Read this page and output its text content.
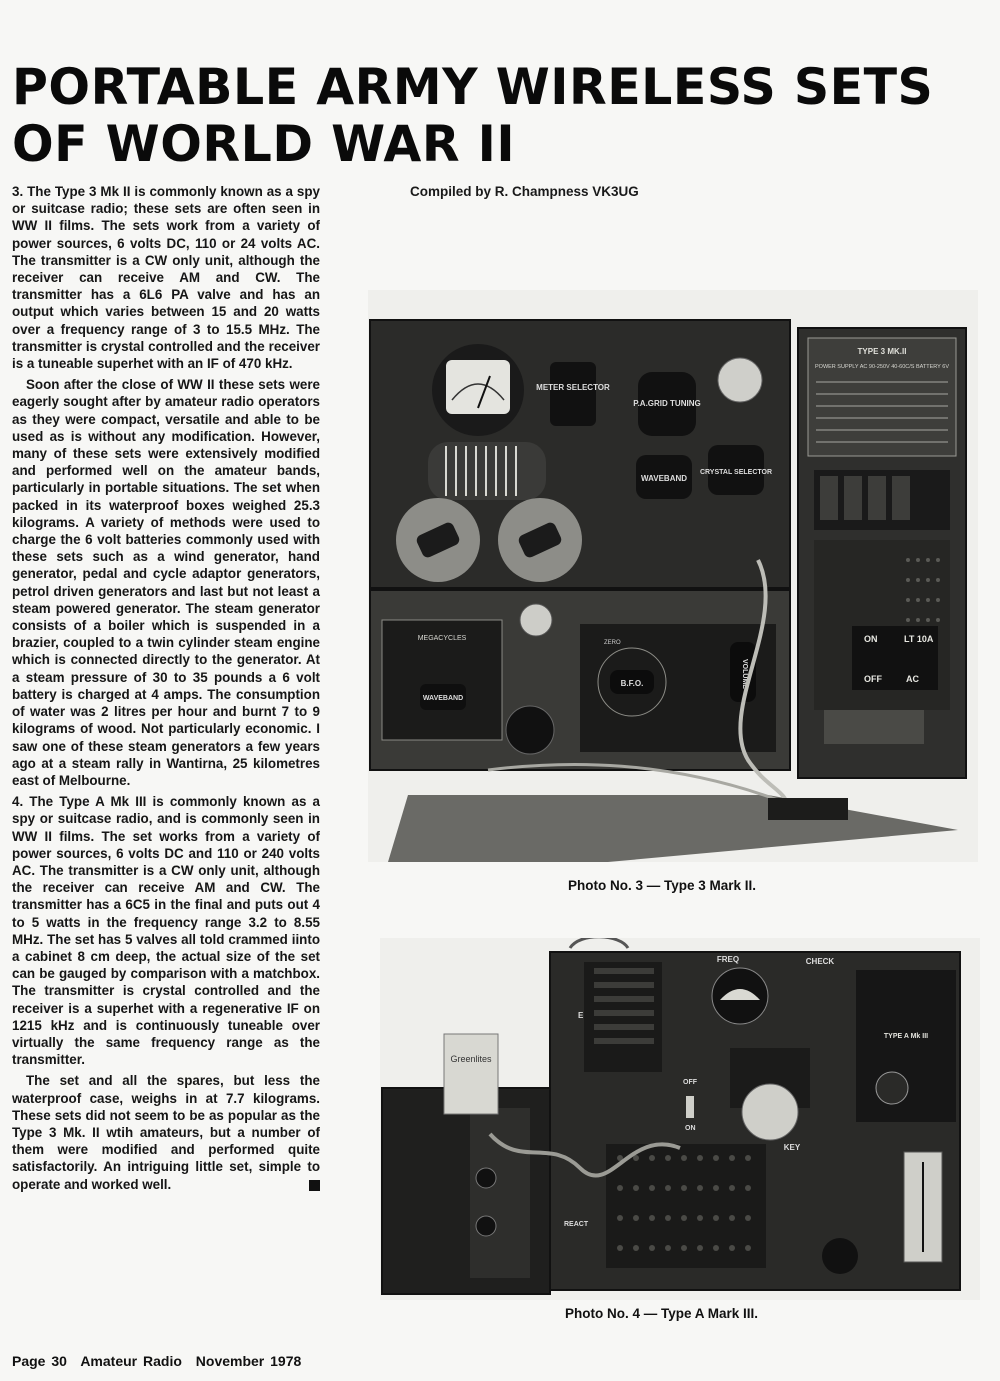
PORTABLE ARMY WIRELESS SETS
OF WORLD WAR II

3. The Type 3 Mk II is commonly known as a spy or suitcase radio; these sets are often seen in WW II films. The sets work from a variety of power sources, 6 volts DC, 110 or 24 volts AC. The transmitter is a CW only unit, although the receiver can receive AM and CW. The transmitter has a 6L6 PA valve and has an output which varies between 15 and 20 watts over a frequency range of 3 to 15.5 MHz. The transmitter is crystal controlled and the receiver is a tuneable superhet with an IF of 470 kHz.

Soon after the close of WW II these sets were eagerly sought after by amateur radio operators as they were compact, versatile and able to be used as is without any modification. However, many of these sets were extensively modified and performed well on the amateur bands, particularly in portable situations. The set when packed in its waterproof boxes weighed 25.3 kilograms. A variety of methods were used to charge the 6 volt batteries commonly used with these sets such as a wind generator, hand generator, pedal and cycle adaptor generators, petrol driven generators and last but not least a steam powered generator. The steam generator consists of a boiler which is suspended in a brazier, coupled to a twin cylinder steam engine which is connected directly to the generator. At a steam pressure of 30 to 35 pounds a 6 volt battery is charged at 4 amps. The consumption of water was 2 litres per hour and burnt 7 to 9 kilograms of wood. Not particularly economic. I saw one of these steam generators a few years ago at a steam rally in Wantirna, 25 kilometres east of Melbourne.

4. The Type A Mk III is commonly known as a spy or suitcase radio, and is commonly seen in WW II films. The set works from a variety of power sources, 6 volts DC and 110 or 240 volts AC. The transmitter is a CW only unit, although the receiver can receive AM and CW. The transmitter has a 6C5 in the final and puts out 4 to 5 watts in the frequency range 3.2 to 8.55 MHz. The set has 5 valves all told crammed iinto a cabinet 8 cm deep, the actual size of the set can be gauged by comparison with a matchbox. The transmitter is crystal controlled and the receiver is a superhet with a regenerative IF on 1215 kHz and is continuously tuneable over virtually the same frequency range as the transmitter.

The set and all the spares, but less the waterproof case, weighs in at 7.7 kilograms. These sets did not seem to be as popular as the Type 3 Mk. II wtih amateurs, but a number of them were modified and performed quite satisfactorily. An intriguing little set, simple to operate and worked well.

Compiled by R. Champness VK3UG
METER SELECTOR
P.A.GRID TUNING
WAVEBAND
CRYSTAL SELECTOR
TYPE 3 MK.II
POWER SUPPLY AC 90-250V 40-60C/S BATTERY 6V
ON
OFF
LT 10A
AC
MEGACYCLES
WAVEBAND
ZERO
B.F.O.	VOLUME
Photo No. 3 — Type 3 Mark II.
FREQ	CHECK
TYPE A Mk III
E
OFF
ON
KEY
REACT
Greenlites
Photo No. 4 — Type A Mark III.
Page 30 Amateur Radio November 1978
